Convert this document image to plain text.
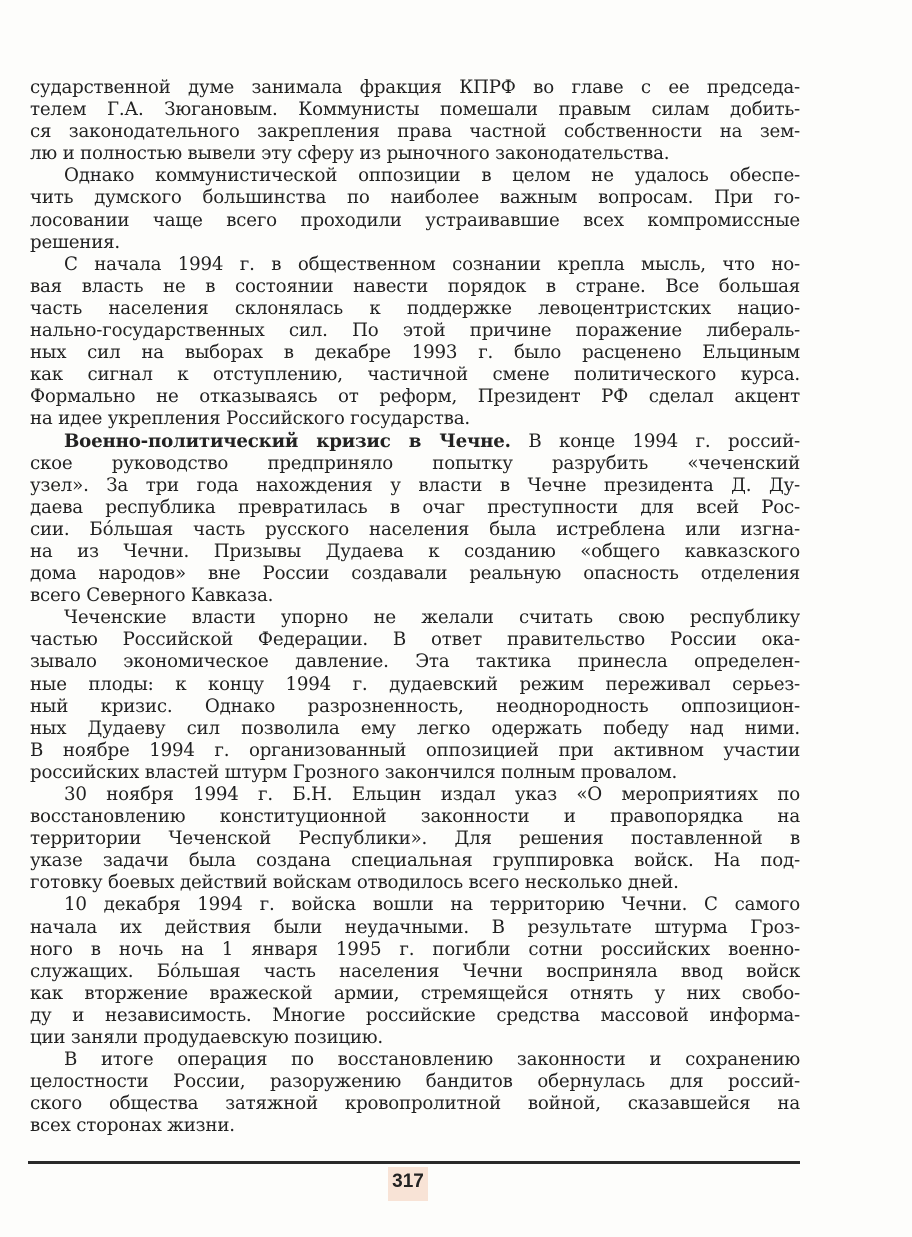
сударственной думе занимала фракция КПРФ во главе с ее председа-
телем Г.А. Зюгановым. Коммунисты помешали правым силам добить-
ся законодательного закрепления права частной собственности на зем-
лю и полностью вывели эту сферу из рыночного законодательства.
Однако коммунистической оппозиции в целом не удалось обеспе-
чить думского большинства по наиболее важным вопросам. При го-
лосовании чаще всего проходили устраивавшие всех компромиссные
решения.
С начала 1994 г. в общественном сознании крепла мысль, что но-
вая власть не в состоянии навести порядок в стране. Все большая
часть населения склонялась к поддержке левоцентристских нацио-
нально-государственных сил. По этой причине поражение либераль-
ных сил на выборах в декабре 1993 г. было расценено Ельциным
как сигнал к отступлению, частичной смене политического курса.
Формально не отказываясь от реформ, Президент РФ сделал акцент
на идее укрепления Российского государства.
Военно-политический кризис в Чечне. В конце 1994 г. россий-
ское руководство предприняло попытку разрубить «чеченский
узел». За три года нахождения у власти в Чечне президента Д. Ду-
даева республика превратилась в очаг преступности для всей Рос-
сии. Бóльшая часть русского населения была истреблена или изгна-
на из Чечни. Призывы Дудаева к созданию «общего кавказского
дома народов» вне России создавали реальную опасность отделения
всего Северного Кавказа.
Чеченские власти упорно не желали считать свою республику
частью Российской Федерации. В ответ правительство России ока-
зывало экономическое давление. Эта тактика принесла определен-
ные плоды: к концу 1994 г. дудаевский режим переживал серьез-
ный кризис. Однако разрозненность, неоднородность оппозицион-
ных Дудаеву сил позволила ему легко одержать победу над ними.
В ноябре 1994 г. организованный оппозицией при активном участии
российских властей штурм Грозного закончился полным провалом.
30 ноября 1994 г. Б.Н. Ельцин издал указ «О мероприятиях по
восстановлению конституционной законности и правопорядка на
территории Чеченской Республики». Для решения поставленной в
указе задачи была создана специальная группировка войск. На под-
готовку боевых действий войскам отводилось всего несколько дней.
10 декабря 1994 г. войска вошли на территорию Чечни. С самого
начала их действия были неудачными. В результате штурма Гроз-
ного в ночь на 1 января 1995 г. погибли сотни российских военно-
служащих. Бóльшая часть населения Чечни восприняла ввод войск
как вторжение вражеской армии, стремящейся отнять у них свобо-
ду и независимость. Многие российские средства массовой информа-
ции заняли продудаевскую позицию.
В итоге операция по восстановлению законности и сохранению
целостности России, разоружению бандитов обернулась для россий-
ского общества затяжной кровопролитной войной, сказавшейся на
всех сторонах жизни.
317
